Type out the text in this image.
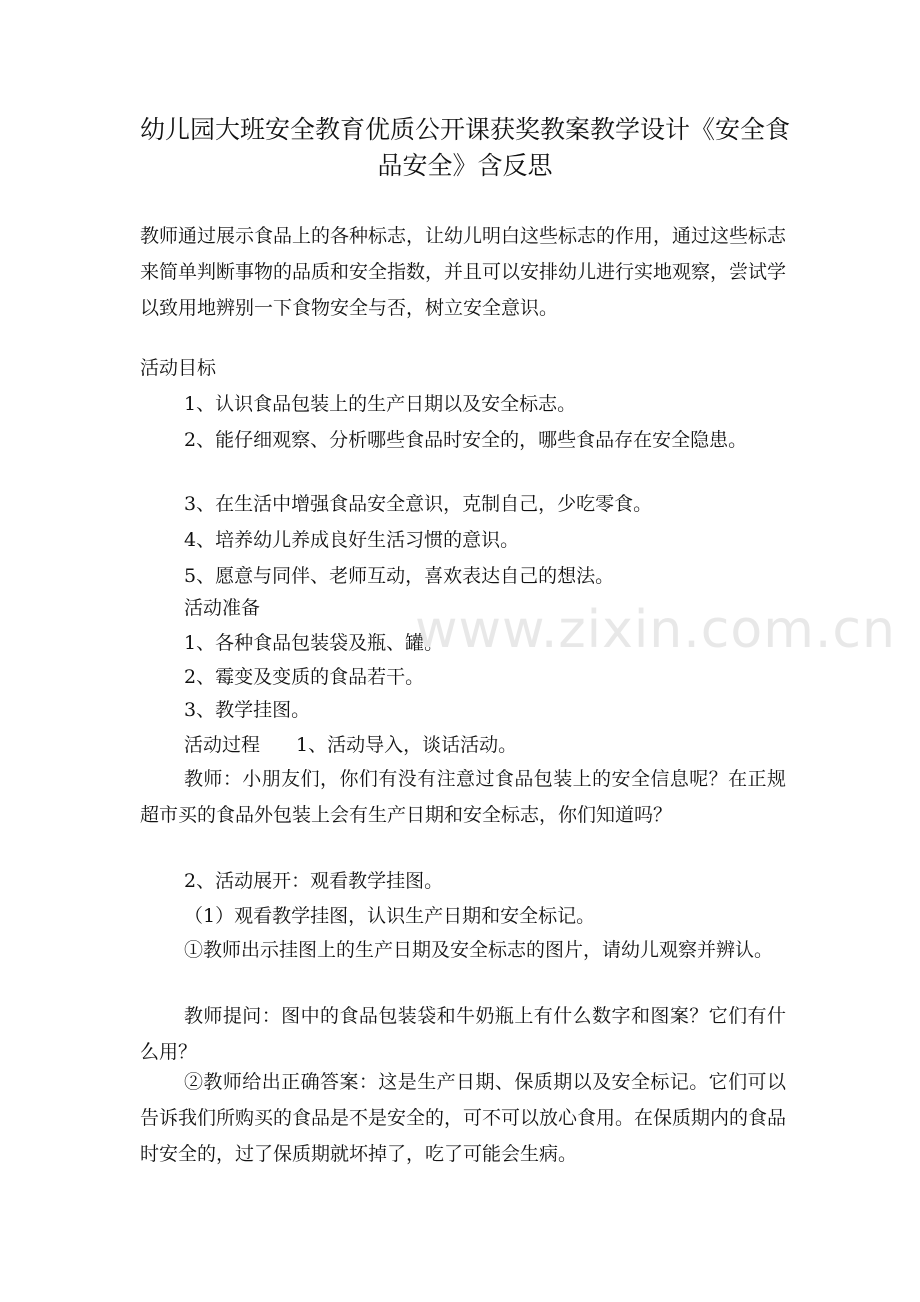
幼儿园大班安全教育优质公开课获奖教案教学设计《安全食品安全》含反思
教师通过展示食品上的各种标志，让幼儿明白这些标志的作用，通过这些标志来简单判断事物的品质和安全指数，并且可以安排幼儿进行实地观察，尝试学以致用地辨别一下食物安全与否，树立安全意识。
活动目标
1、认识食品包装上的生产日期以及安全标志。
2、能仔细观察、分析哪些食品时安全的，哪些食品存在安全隐患。
3、在生活中增强食品安全意识，克制自己，少吃零食。
4、培养幼儿养成良好生活习惯的意识。
5、愿意与同伴、老师互动，喜欢表达自己的想法。
活动准备
1、各种食品包装袋及瓶、罐。
2、霉变及变质的食品若干。
3、教学挂图。
活动过程 1、活动导入，谈话活动。
教师：小朋友们，你们有没有注意过食品包装上的安全信息呢？在正规超市买的食品外包装上会有生产日期和安全标志，你们知道吗？
2、活动展开：观看教学挂图。
（1）观看教学挂图，认识生产日期和安全标记。
①教师出示挂图上的生产日期及安全标志的图片，请幼儿观察并辨认。
教师提问：图中的食品包装袋和牛奶瓶上有什么数字和图案？它们有什么用？
②教师给出正确答案：这是生产日期、保质期以及安全标记。它们可以告诉我们所购买的食品是不是安全的，可不可以放心食用。在保质期内的食品时安全的，过了保质期就坏掉了，吃了可能会生病。
www.zixin.com.cn
